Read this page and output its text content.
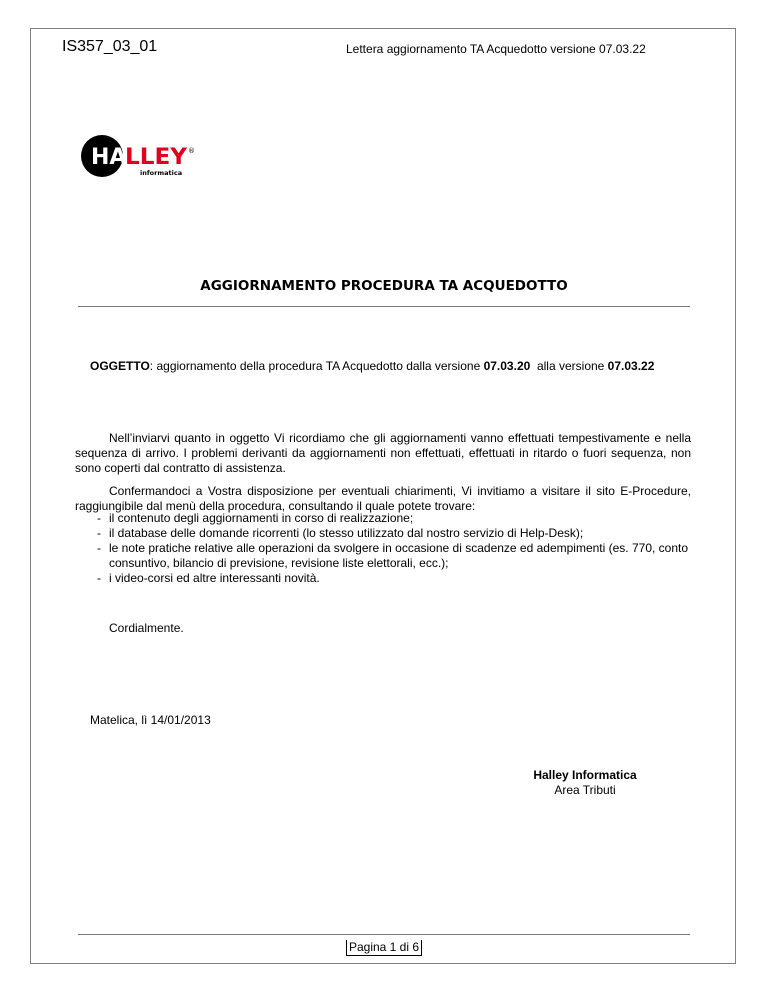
IS357_03_01	Lettera aggiornamento TA Acquedotto versione 07.03.22
HA
LLEY ®
informatica
AGGIORNAMENTO PROCEDURA TA ACQUEDOTTO
OGGETTO: aggiornamento della procedura TA Acquedotto dalla versione 07.03.20  alla versione 07.03.22
Nell’inviarvi quanto in oggetto Vi ricordiamo che gli aggiornamenti vanno effettuati tempestivamente e nella sequenza di arrivo. I problemi derivanti da aggiornamenti non effettuati, effettuati in ritardo o fuori sequenza, non sono coperti dal contratto di assistenza.
Confermandoci a Vostra disposizione per eventuali chiarimenti, Vi invitiamo a visitare il sito E-Procedure, raggiungibile dal menù della procedura, consultando il quale potete trovare:
- il contenuto degli aggiornamenti in corso di realizzazione;
- il database delle domande ricorrenti (lo stesso utilizzato dal nostro servizio di Help-Desk);
- le note pratiche relative alle operazioni da svolgere in occasione di scadenze ed adempimenti (es. 770, conto consuntivo, bilancio di previsione, revisione liste elettorali, ecc.);
- i video-corsi ed altre interessanti novità.
Cordialmente.
Matelica, lì 14/01/2013
Halley Informatica
Area Tributi
Pagina 1 di 6
